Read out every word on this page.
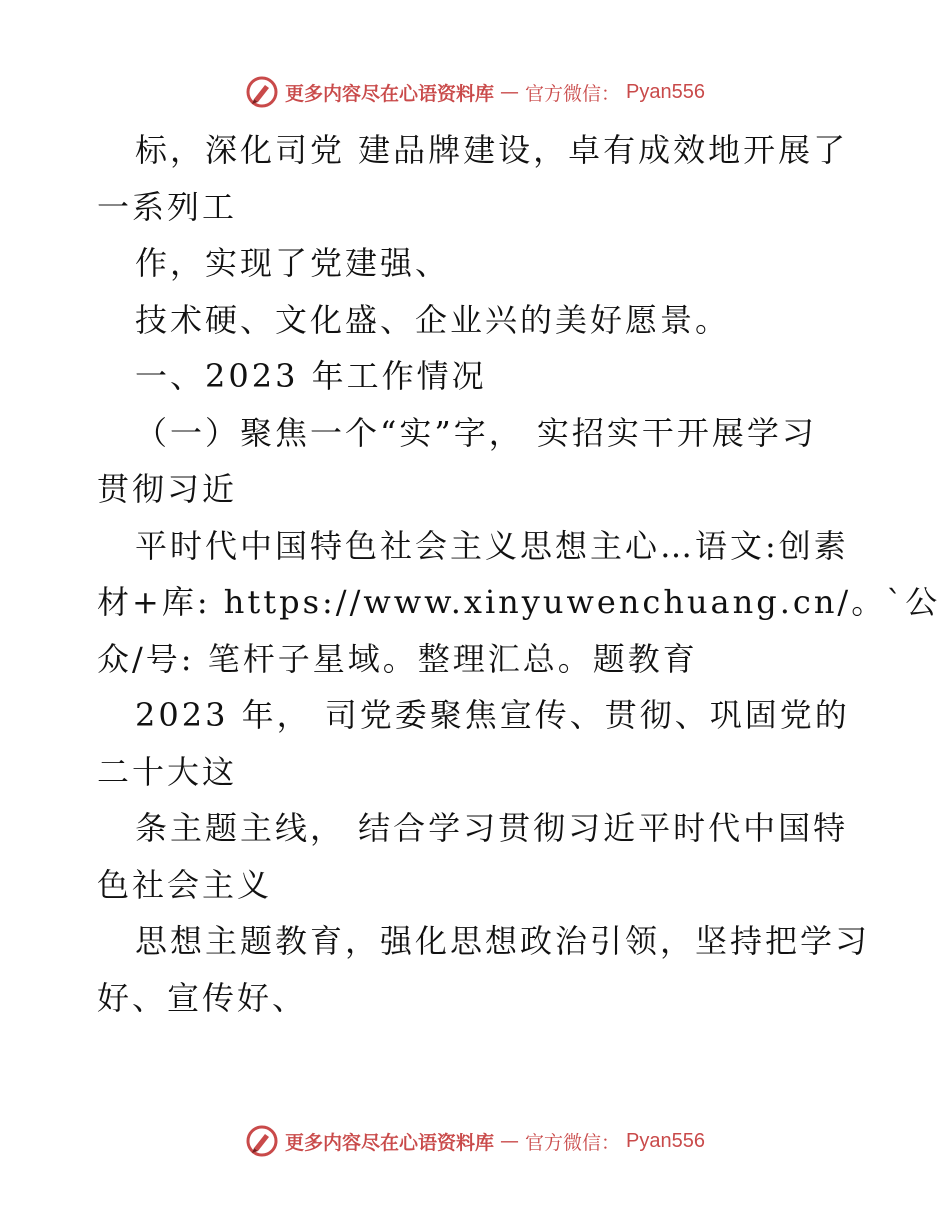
更多内容尽在心语资料库 — 官方微信： Pyan556
标，深化司党 建品牌建设，卓有成效地开展了
一系列工
作，实现了党建强、
技术硬、文化盛、企业兴的美好愿景。
一、2023 年工作情况
（一）聚焦一个“实”字， 实招实干开展学习
贯彻习近
平时代中国特色社会主义思想主心…语文:创素
材+库: https://www.xinyuwenchuang.cn/。`公
众/号: 笔杆子星域。整理汇总。题教育
2023 年， 司党委聚焦宣传、贯彻、巩固党的
二十大这
条主题主线， 结合学习贯彻习近平时代中国特
色社会主义
思想主题教育，强化思想政治引领，坚持把学习
好、宣传好、
更多内容尽在心语资料库 — 官方微信： Pyan556
